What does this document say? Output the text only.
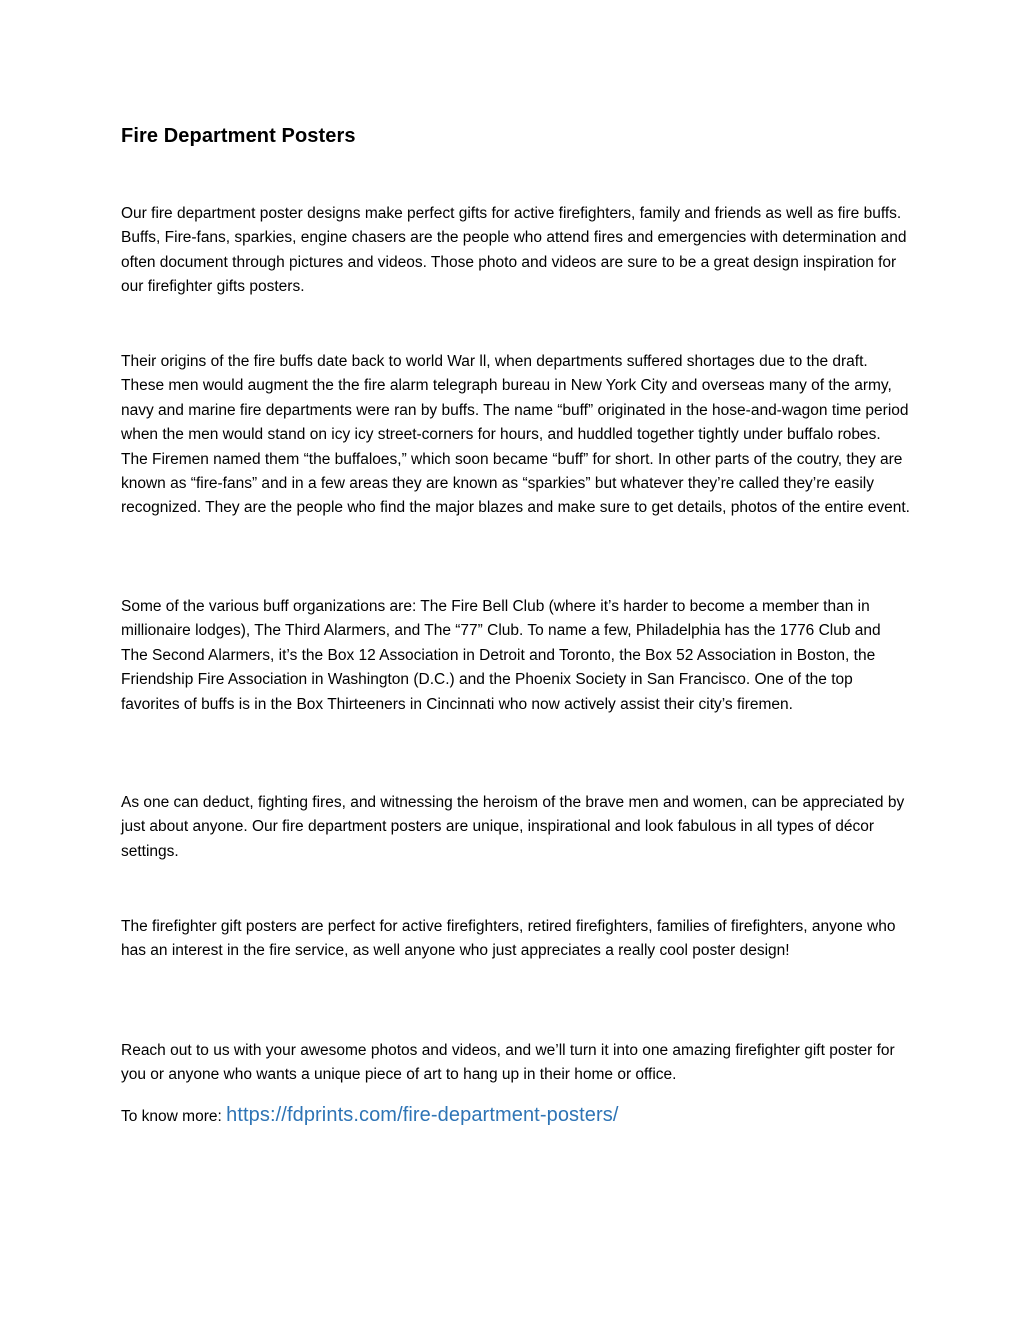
Fire Department Posters

Our fire department poster designs make perfect gifts for active firefighters, family and friends as well as fire buffs. Buffs, Fire-fans, sparkies, engine chasers are the people who attend fires and emergencies with determination and often document through pictures and videos. Those photo and videos are sure to be a great design inspiration for our firefighter gifts posters.

Their origins of the fire buffs date back to world War ll, when departments suffered shortages due to the draft. These men would augment the the fire alarm telegraph bureau in New York City and overseas many of the army, navy and marine fire departments were ran by buffs. The name “buff” originated in the hose-and-wagon time period when the men would stand on icy icy street-corners for hours, and huddled together tightly under buffalo robes. The Firemen named them “the buffaloes,” which soon became “buff” for short. In other parts of the coutry, they are known as “fire-fans” and in a few areas they are known as “sparkies” but whatever they’re called they’re easily recognized. They are the people who find the major blazes and make sure to get details, photos of the entire event.

Some of the various buff organizations are: The Fire Bell Club (where it’s harder to become a member than in millionaire lodges), The Third Alarmers, and The “77” Club. To name a few, Philadelphia has the 1776 Club and The Second Alarmers, it’s the Box 12 Association in Detroit and Toronto, the Box 52 Association in Boston, the Friendship Fire Association in Washington (D.C.) and the Phoenix Society in San Francisco. One of the top favorites of buffs is in the Box Thirteeners in Cincinnati who now actively assist their city’s firemen.

As one can deduct, fighting fires, and witnessing the heroism of the brave men and women, can be appreciated by just about anyone. Our fire department posters are unique, inspirational and look fabulous in all types of décor settings.

The firefighter gift posters are perfect for active firefighters, retired firefighters, families of firefighters, anyone who has an interest in the fire service, as well anyone who just appreciates a really cool poster design!

Reach out to us with your awesome photos and videos, and we’ll turn it into one amazing firefighter gift poster for you or anyone who wants a unique piece of art to hang up in their home or office.

To know more: https://fdprints.com/fire-department-posters/
